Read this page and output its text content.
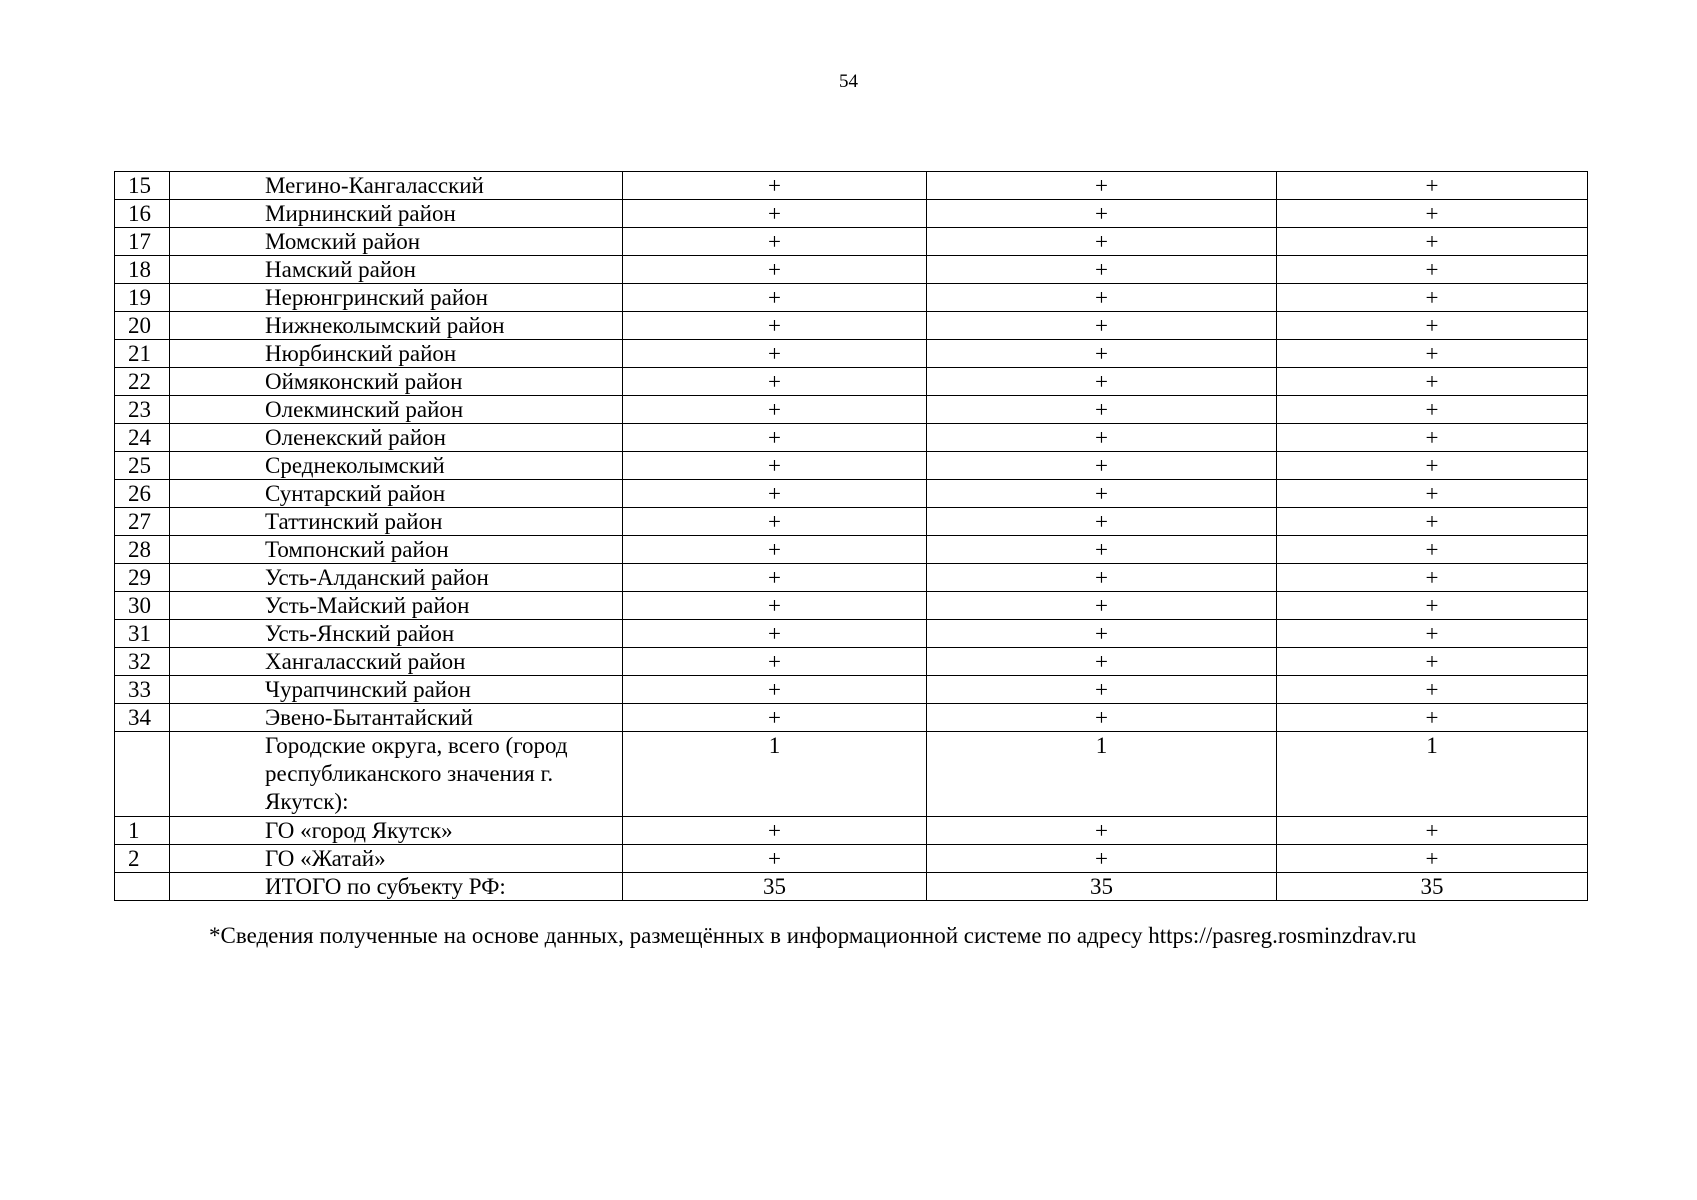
54
15	Мегино-Кангаласский	+	+	+
16	Мирнинский район	+	+	+
17	Момский район	+	+	+
18	Намский район	+	+	+
19	Нерюнгринский район	+	+	+
20	Нижнеколымский район	+	+	+
21	Нюрбинский район	+	+	+
22	Оймяконский район	+	+	+
23	Олекминский район	+	+	+
24	Оленекский район	+	+	+
25	Среднеколымский	+	+	+
26	Сунтарский район	+	+	+
27	Таттинский район	+	+	+
28	Томпонский район	+	+	+
29	Усть-Алданский район	+	+	+
30	Усть-Майский район	+	+	+
31	Усть-Янский район	+	+	+
32	Хангаласский район	+	+	+
33	Чурапчинский район	+	+	+
34	Эвено-Бытантайский	+	+	+
	Городские округа, всего (город республиканского значения г. Якутск):	1	1	1
1	ГО «город Якутск»	+	+	+
2	ГО «Жатай»	+	+	+
	ИТОГО по субъекту РФ:	35	35	35
*Сведения полученные на основе данных, размещённых в информационной системе по адресу https://pasreg.rosminzdrav.ru
